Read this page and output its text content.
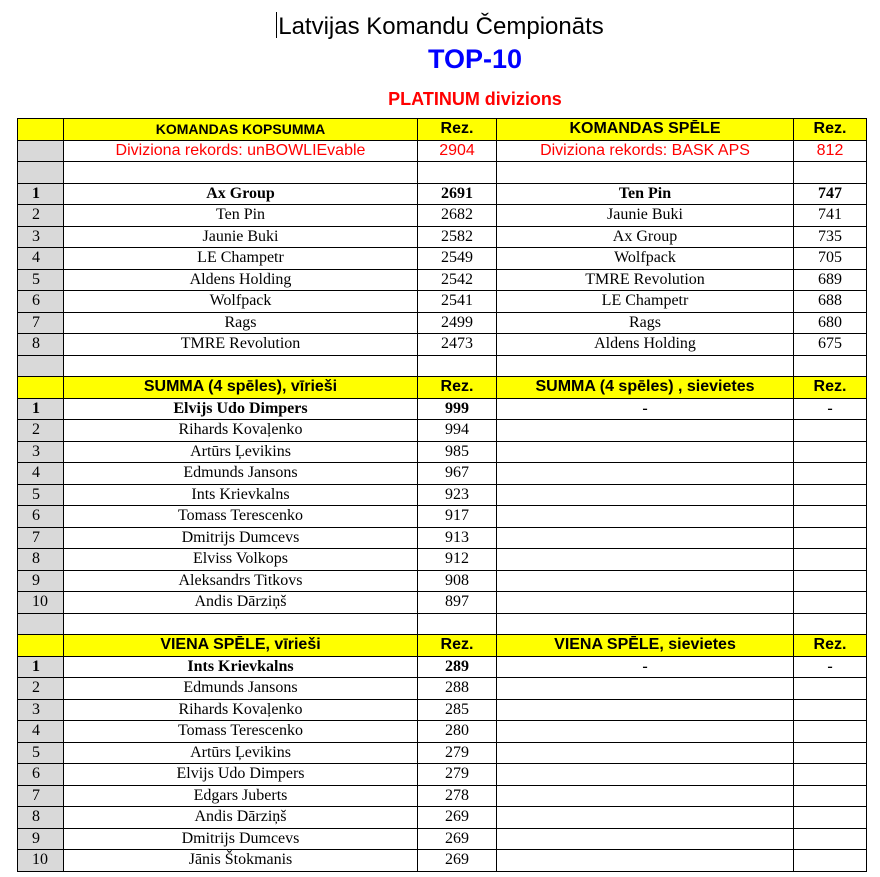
Latvijas Komandu Čempionāts
TOP-10
PLATINUM divizions
	KOMANDAS KOPSUMMA	Rez.	KOMANDAS SPĒLE	Rez.
	Diviziona rekords: unBOWLIEvable	2904	Diviziona rekords: BASK APS	812

1	Ax Group	2691	Ten Pin	747
2	Ten Pin	2682	Jaunie Buki	741
3	Jaunie Buki	2582	Ax Group	735
4	LE Champetr	2549	Wolfpack	705
5	Aldens Holding	2542	TMRE Revolution	689
6	Wolfpack	2541	LE Champetr	688
7	Rags	2499	Rags	680
8	TMRE Revolution	2473	Aldens Holding	675

	SUMMA (4 spēles), vīrieši	Rez.	SUMMA (4 spēles) , sievietes	Rez.
1	Elvijs Udo Dimpers	999	-	-
2	Rihards Kovaļenko	994		
3	Artūrs Ļevikins	985		
4	Edmunds Jansons	967		
5	Ints Krievkalns	923		
6	Tomass Terescenko	917		
7	Dmitrijs Dumcevs	913		
8	Elviss Volkops	912		
9	Aleksandrs Titkovs	908		
10	Andis Dārziņš	897		

	VIENA SPĒLE, vīrieši	Rez.	VIENA SPĒLE, sievietes	Rez.
1	Ints Krievkalns	289	-	-
2	Edmunds Jansons	288		
3	Rihards Kovaļenko	285		
4	Tomass Terescenko	280		
5	Artūrs Ļevikins	279		
6	Elvijs Udo Dimpers	279		
7	Edgars Juberts	278		
8	Andis Dārziņš	269		
9	Dmitrijs Dumcevs	269		
10	Jānis Štokmanis	269		
